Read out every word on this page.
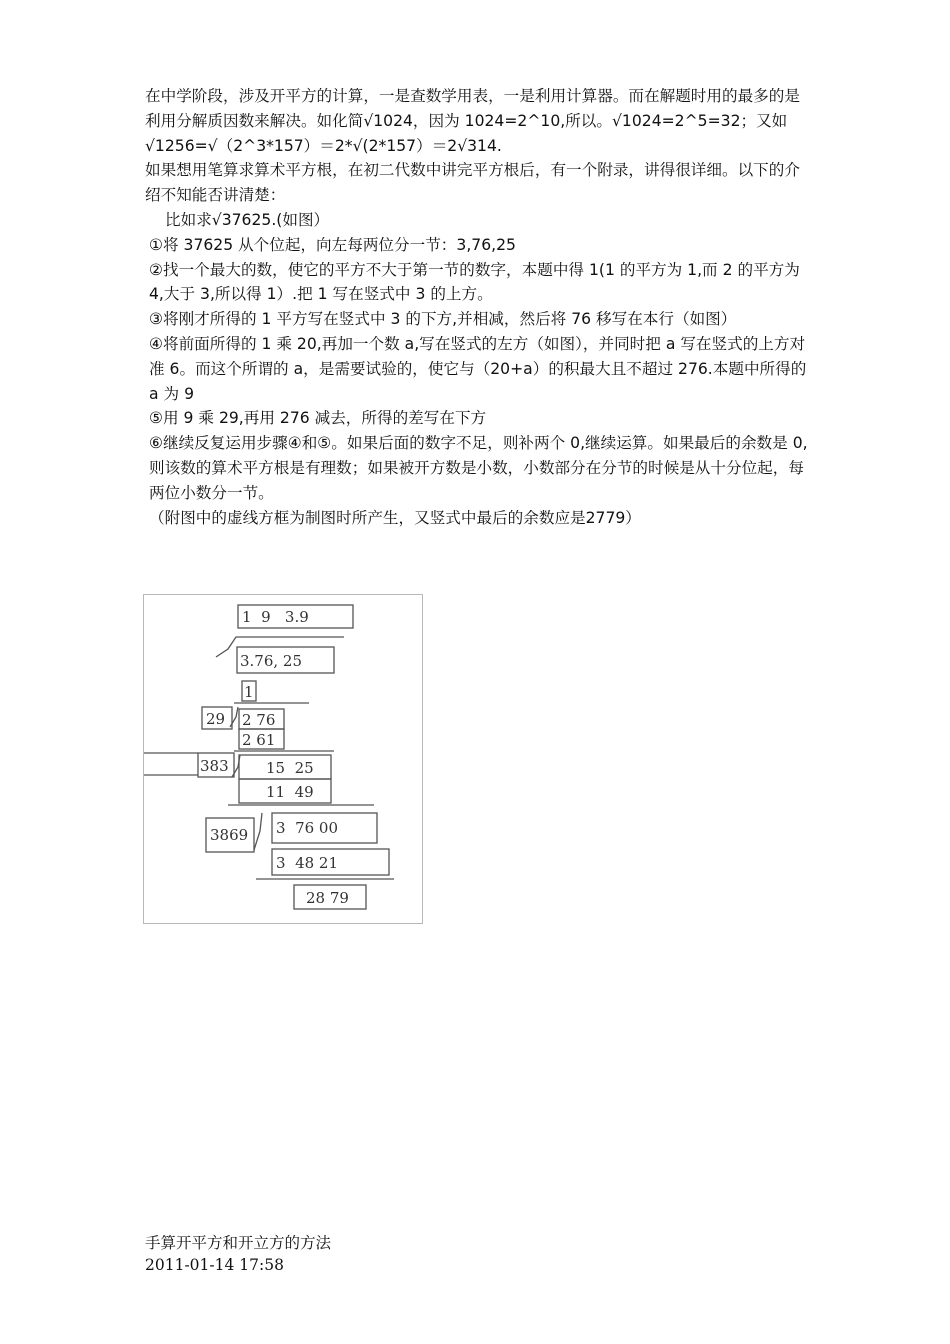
在中学阶段，涉及开平方的计算，一是查数学用表，一是利用计算器。而在解题时用的最多的是利用分解质因数来解决。如化简√1024，因为 1024=2^10,所以。√1024=2^5=32；又如√1256=√（2^3*157）＝2*√(2*157）＝2√314.

如果想用笔算求算术平方根，在初二代数中讲完平方根后，有一个附录，讲得很详细。以下的介绍不知能否讲清楚：

比如求√37625.(如图）

①将 37625 从个位起，向左每两位分一节：3,76,25

②找一个最大的数，使它的平方不大于第一节的数字，本题中得 1(1 的平方为 1,而 2 的平方为 4,大于 3,所以得 1）.把 1 写在竖式中 3 的上方。

③将刚才所得的 1 平方写在竖式中 3 的下方,并相减，然后将 76 移写在本行（如图）

④将前面所得的 1 乘 20,再加一个数 a,写在竖式的左方（如图），并同时把 a 写在竖式的上方对准 6。而这个所谓的 a，是需要试验的，使它与（20+a）的积最大且不超过 276.本题中所得的 a 为 9

⑤用 9 乘 29,再用 276 减去，所得的差写在下方

⑥继续反复运用步骤④和⑤。如果后面的数字不足，则补两个 0,继续运算。如果最后的余数是 0,则该数的算术平方根是有理数；如果被开方数是小数，小数部分在分节的时候是从十分位起，每两位小数分一节。

（附图中的虚线方框为制图时所产生，又竖式中最后的余数应是2779）

1  9   3.9
3.76, 25
1
29 2 76
2 61
383 15  25
11  49
3869 3  76 00
3  48 21
28 79

手算开平方和开立方的方法

2011-01-14 17:58
